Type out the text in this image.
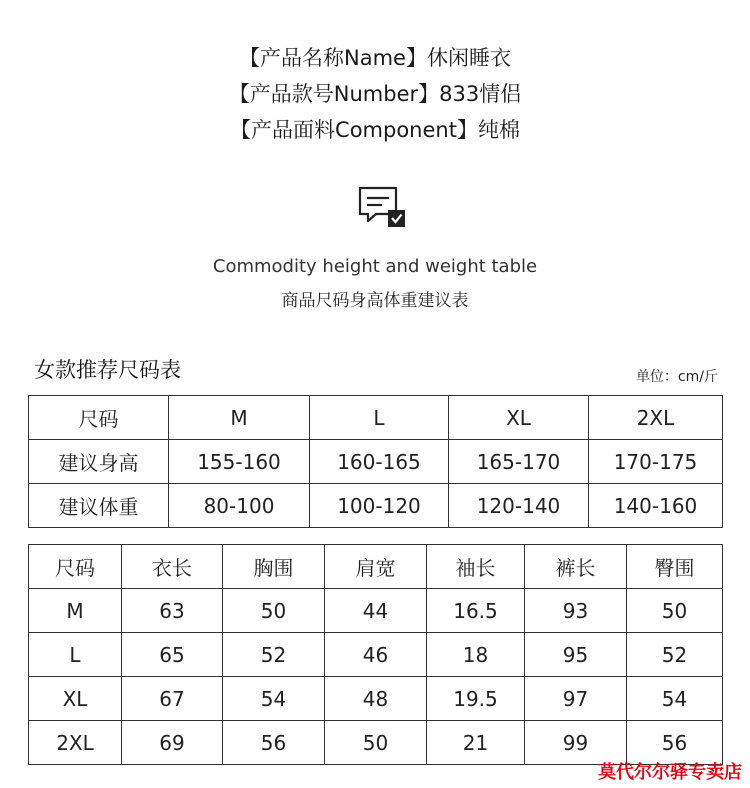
【产品名称Name】休闲睡衣
【产品款号Number】833情侣
【产品面料Component】纯棉
Commodity height and weight table
商品尺码身高体重建议表
女款推荐尺码表	单位：cm/斤
尺码	M	L	XL	2XL
建议身高	155-160	160-165	165-170	170-175
建议体重	80-100	100-120	120-140	140-160
尺码	衣长	胸围	肩宽	袖长	裤长	臀围
M	63	50	44	16.5	93	50
L	65	52	46	18	95	52
XL	67	54	48	19.5	97	54
2XL	69	56	50	21	99	56
莫代尔尔驿专卖店
